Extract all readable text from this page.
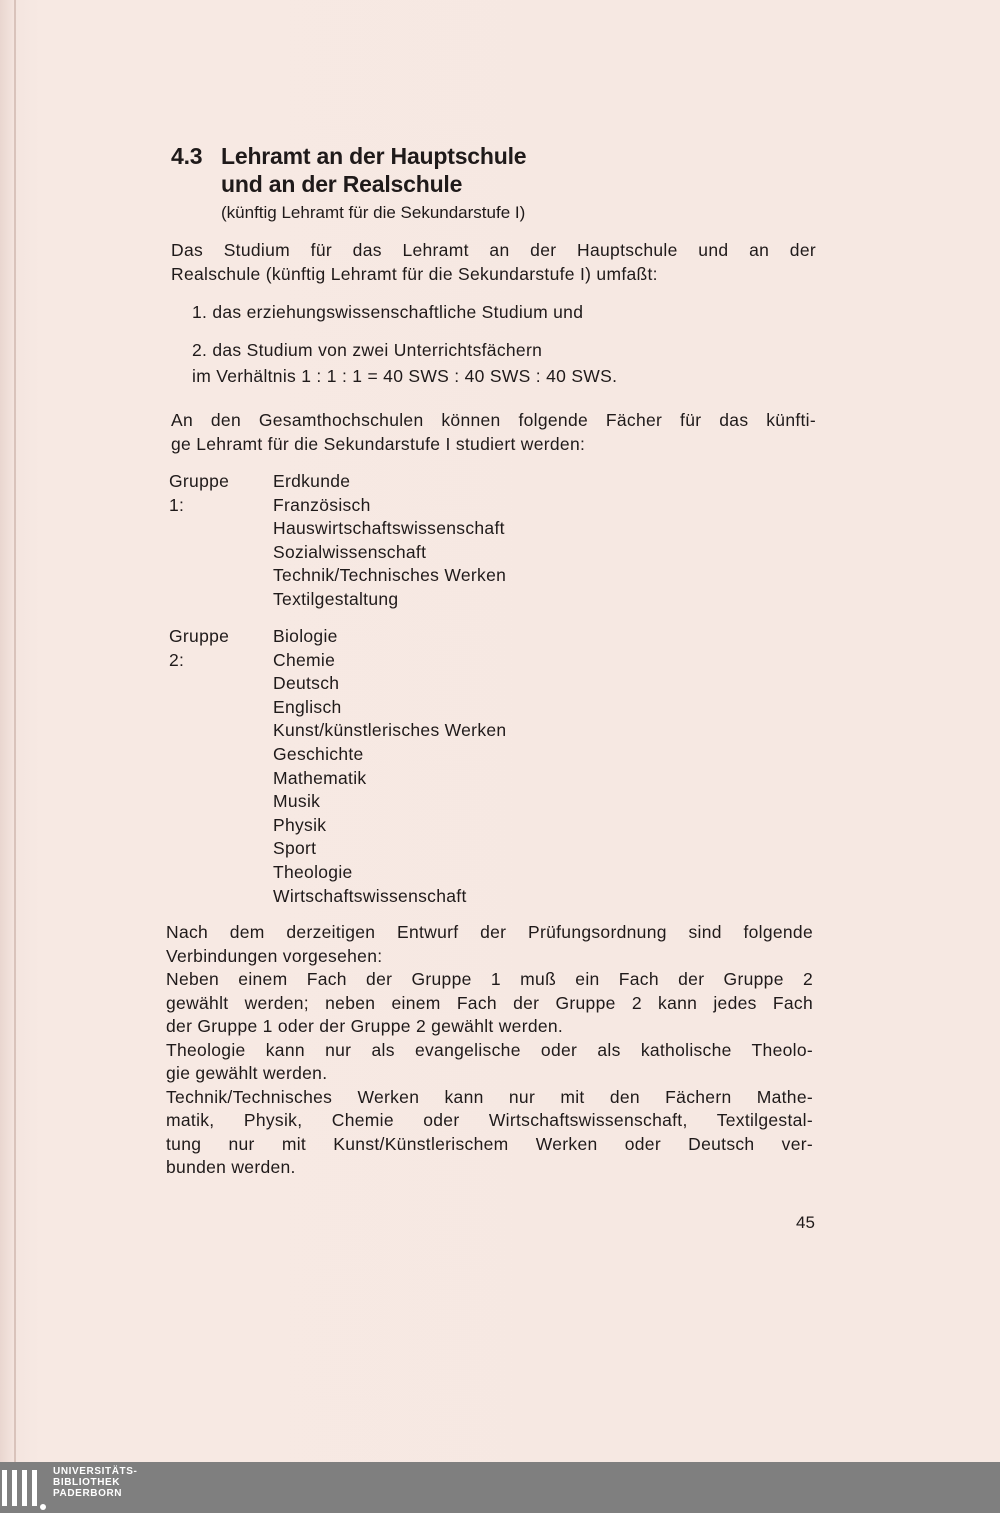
4.3 Lehramt an der Hauptschule
und an der Realschule
(künftig Lehramt für die Sekundarstufe I)
Das Studium für das Lehramt an der Hauptschule und an der
Realschule (künftig Lehramt für die Sekundarstufe I) umfaßt:
1. das erziehungswissenschaftliche Studium und
2. das Studium von zwei Unterrichtsfächern
im Verhältnis 1 : 1 : 1 = 40 SWS : 40 SWS : 40 SWS.
An den Gesamthochschulen können folgende Fächer für das künfti-
ge Lehramt für die Sekundarstufe I studiert werden:
Gruppe 1:
Erdkunde
Französisch
Hauswirtschaftswissenschaft
Sozialwissenschaft
Technik/Technisches Werken
Textilgestaltung
Gruppe 2:
Biologie
Chemie
Deutsch
Englisch
Kunst/künstlerisches Werken
Geschichte
Mathematik
Musik
Physik
Sport
Theologie
Wirtschaftswissenschaft
Nach dem derzeitigen Entwurf der Prüfungsordnung sind folgende
Verbindungen vorgesehen:
Neben einem Fach der Gruppe 1 muß ein Fach der Gruppe 2
gewählt werden; neben einem Fach der Gruppe 2 kann jedes Fach
der Gruppe 1 oder der Gruppe 2 gewählt werden.
Theologie kann nur als evangelische oder als katholische Theolo-
gie gewählt werden.
Technik/Technisches Werken kann nur mit den Fächern Mathe-
matik, Physik, Chemie oder Wirtschaftswissenschaft, Textilgestal-
tung nur mit Kunst/Künstlerischem Werken oder Deutsch ver-
bunden werden.
45
UNIVERSITÄTS-
BIBLIOTHEK
PADERBORN
